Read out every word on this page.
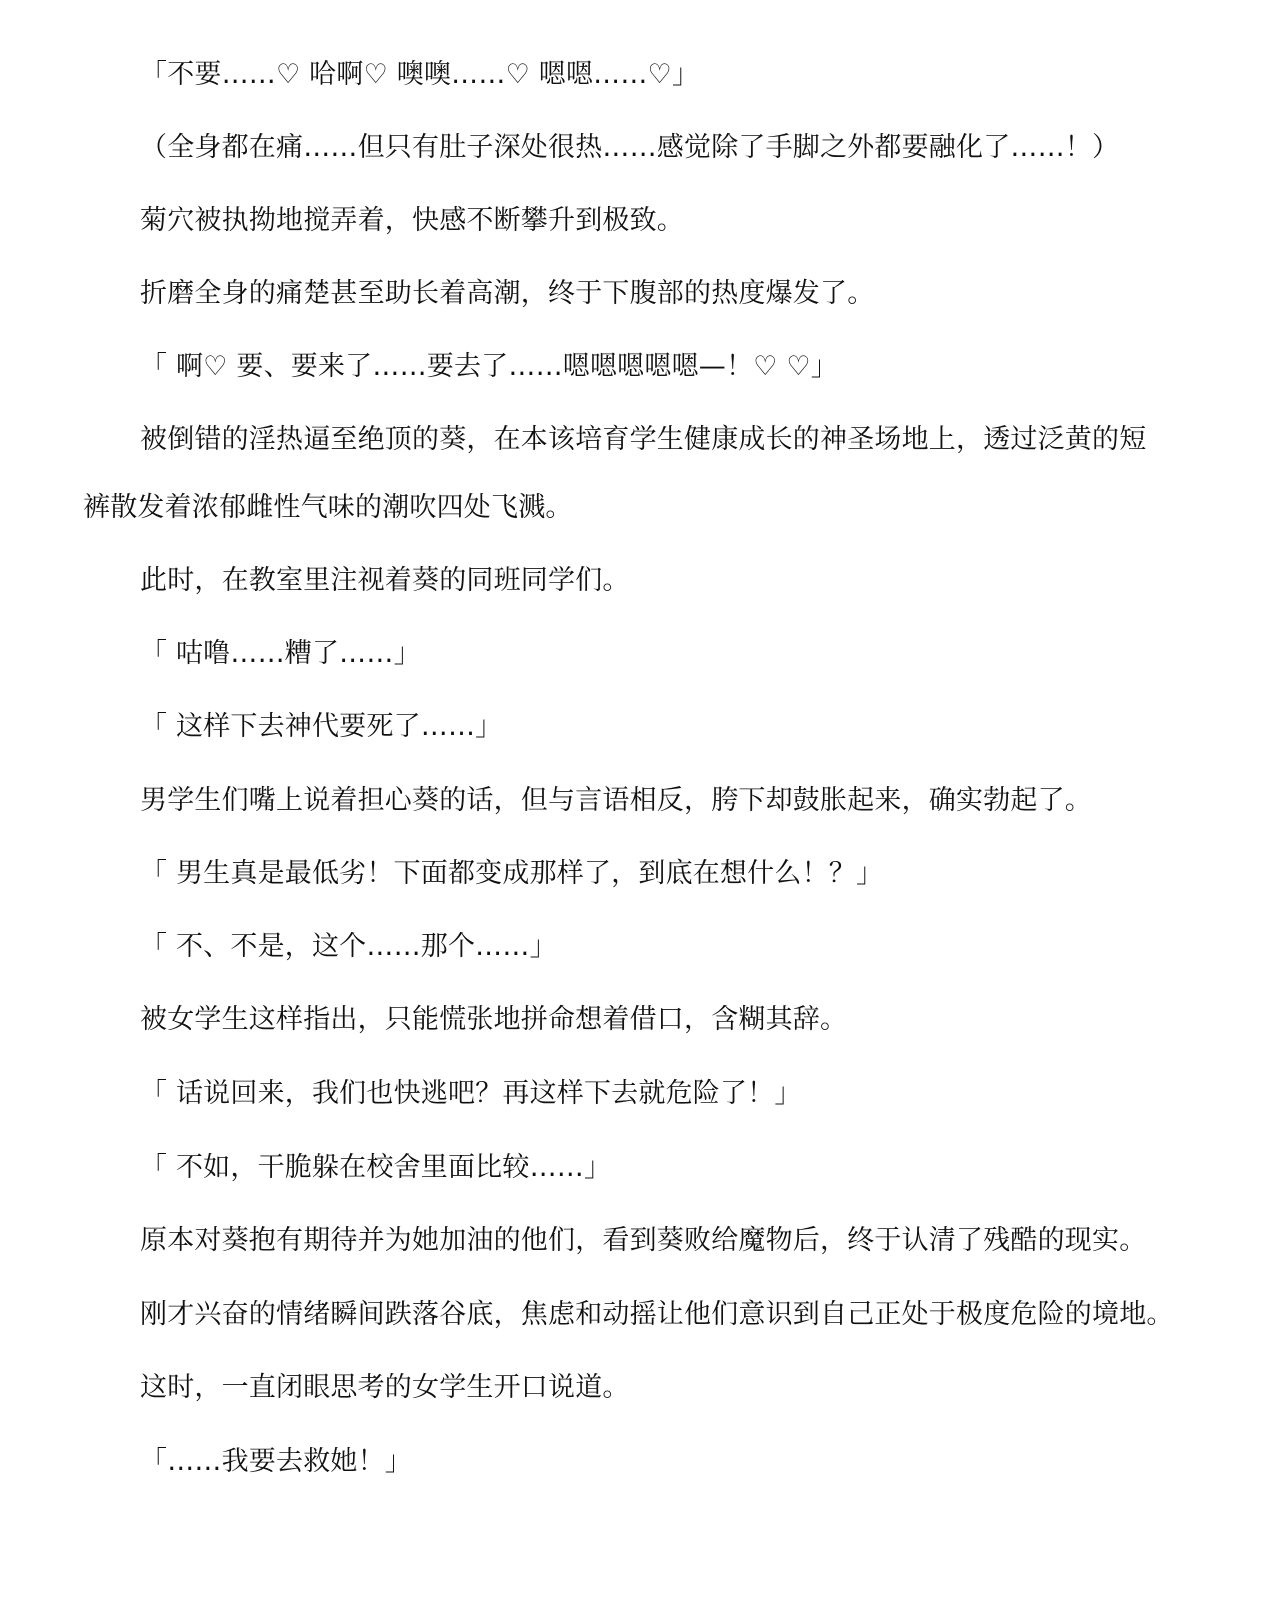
「不要……♡ 哈啊♡ 噢噢……♡ 嗯嗯……♡」
（全身都在痛……但只有肚子深处很热……感觉除了手脚之外都要融化了……！）
菊穴被执拗地搅弄着，快感不断攀升到极致。
折磨全身的痛楚甚至助长着高潮，终于下腹部的热度爆发了。
「 啊♡ 要、要来了……要去了……嗯嗯嗯嗯嗯—！♡ ♡」
被倒错的淫热逼至绝顶的葵，在本该培育学生健康成长的神圣场地上，透过泛黄的短
裤散发着浓郁雌性气味的潮吹四处飞溅。
此时，在教室里注视着葵的同班同学们。
「 咕噜……糟了……」
「 这样下去神代要死了……」
男学生们嘴上说着担心葵的话，但与言语相反，胯下却鼓胀起来，确实勃起了。
「 男生真是最低劣！下面都变成那样了，到底在想什么！？」
「 不、不是，这个……那个……」
被女学生这样指出，只能慌张地拼命想着借口，含糊其辞。
「 话说回来，我们也快逃吧？再这样下去就危险了！」
「 不如，干脆躲在校舍里面比较……」
原本对葵抱有期待并为她加油的他们，看到葵败给魔物后，终于认清了残酷的现实。
刚才兴奋的情绪瞬间跌落谷底，焦虑和动摇让他们意识到自己正处于极度危险的境地。
这时，一直闭眼思考的女学生开口说道。
「……我要去救她！」
